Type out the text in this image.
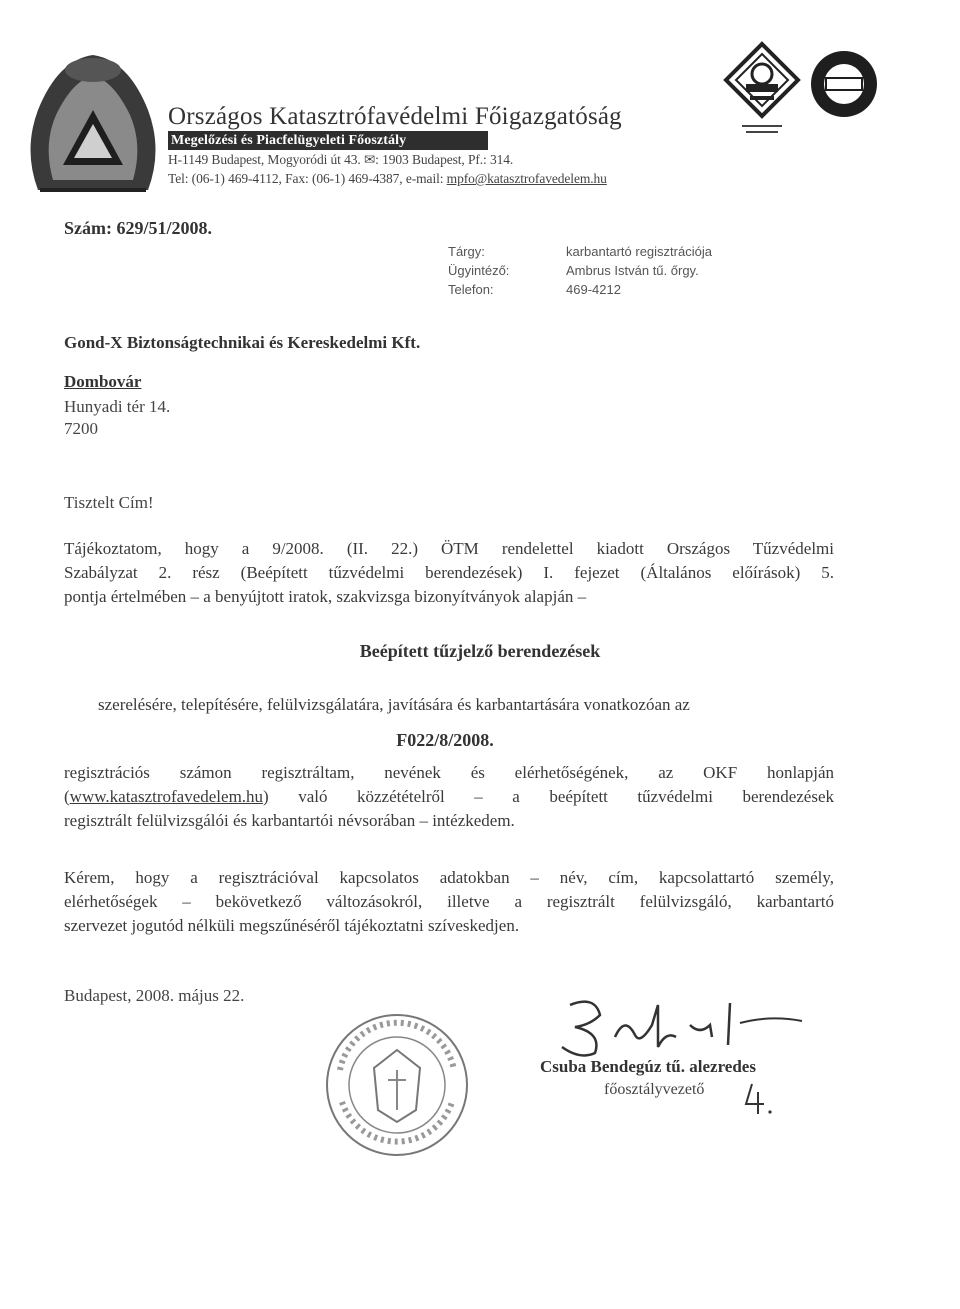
Országos Katasztrófavédelmi Főigazgatóság
Megelőzési és Piacfelügyeleti Főosztály
H-1149 Budapest, Mogyoródi út 43. ✉: 1903 Budapest, Pf.: 314.
Tel: (06-1) 469-4112, Fax: (06-1) 469-4387, e-mail: mpfo@katasztrofavedelem.hu
Szám: 629/51/2008.
Tárgy:	karbantartó regisztrációja
Ügyintéző:	Ambrus István tű. őrgy.
Telefon:	469-4212
Gond-X Biztonságtechnikai és Kereskedelmi Kft.
Dombovár
Hunyadi tér 14.
7200
Tisztelt Cím!
Tájékoztatom, hogy a 9/2008. (II. 22.) ÖTM rendelettel kiadott Országos Tűzvédelmi
Szabályzat 2. rész (Beépített tűzvédelmi berendezések) I. fejezet (Általános előírások) 5.
pontja értelmében – a benyújtott iratok, szakvizsga bizonyítványok alapján –
Beépített tűzjelző berendezések
szerelésére, telepítésére, felülvizsgálatára, javítására és karbantartására vonatkozóan az
F022/8/2008.
regisztrációs számon regisztráltam, nevének és elérhetőségének, az OKF honlapján
(www.katasztrofavedelem.hu) való közzétételről – a beépített tűzvédelmi berendezések
regisztrált felülvizsgálói és karbantartói névsorában – intézkedem.
Kérem, hogy a regisztrációval kapcsolatos adatokban – név, cím, kapcsolattartó személy,
elérhetőségek – bekövetkező változásokról, illetve a regisztrált felülvizsgáló, karbantartó
szervezet jogutód nélküli megszűnéséről tájékoztatni szíveskedjen.
Budapest, 2008. május 22.
Csuba Bendegúz tű. alezredes
főosztályvezető
